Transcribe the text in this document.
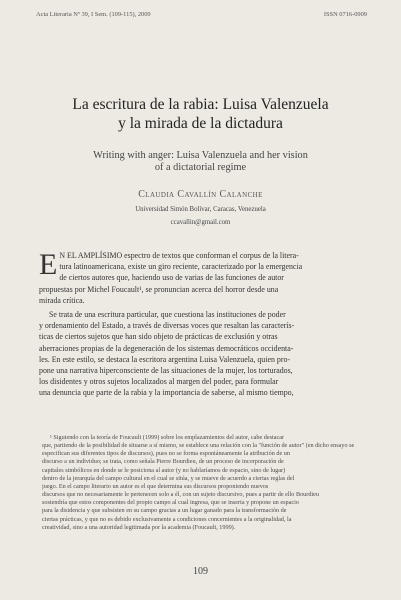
Acta Literaria Nº 39, I Sem. (109-115), 2009	ISSN 0716-0909
La escritura de la rabia: Luisa Valenzuela
y la mirada de la dictadura
Writing with anger: Luisa Valenzuela and her vision
of a dictatorial regime
Claudia Cavallín Calanche
Universidad Simón Bolívar, Caracas, Venezuela
ccavallin@gmail.com

E N EL AMPLÍSIMO espectro de textos que conforman el corpus de la litera-
tura latinoamericana, existe un giro reciente, caracterizado por la emergencia
de ciertos autores que, haciendo uso de varias de las funciones de autor
propuestas por Michel Foucault¹, se pronuncian acerca del horror desde una
mirada crítica.

Se trata de una escritura particular, que cuestiona las instituciones de poder
y ordenamiento del Estado, a través de diversas voces que resaltan las caracterís-
ticas de ciertos sujetos que han sido objeto de prácticas de exclusión y otras
aberraciones propias de la degeneración de los sistemas democráticos occidenta-
les. En este estilo, se destaca la escritora argentina Luisa Valenzuela, quien pro-
pone una narrativa hiperconsciente de las situaciones de la mujer, los torturados,
los disidentes y otros sujetos localizados al margen del poder, para formular
una denuncia que parte de la rabia y la importancia de saberse, al mismo tiempo,

¹ Siguiendo con la teoría de Foucault (1999) sobre los emplazamientos del autor, cabe destacar
que, partiendo de la posibilidad de situarse a sí mismo, se establece una relación con la "función de autor" (en dicho ensayo se
especifican sus diferentes tipos de discursos), pues no se forma espontáneamente la atribución de un
discurso a un individuo; se trata, como señala Pierre Bourdieu, de un proceso de incorporación de
capitales simbólicos en donde se le posiciona al autor (y no hablaríamos de espacio, sino de lugar)
dentro de la jerarquía del campo cultural en el cual se sitúa, y se mueve de acuerdo a ciertas reglas del
juego. En el campo literario un autor es el que determina sus discursos proponiendo nuevos
discursos que no necesariamente le pertenecen solo a él, con un sujeto discursivo, pues a partir de ello Bourdieu
sostendría que estos componentes del propio campo al cual ingresa, que se inserta y propone un espacio
para la disidencia y que subsisten en su campo gracias a un lugar ganado para la transformación de
ciertas prácticas, y que no es debido exclusivamente a condiciones concernientes a la originalidad, la
creatividad, sino a una autoridad legitimada por la academia (Foucault, 1999).
109
